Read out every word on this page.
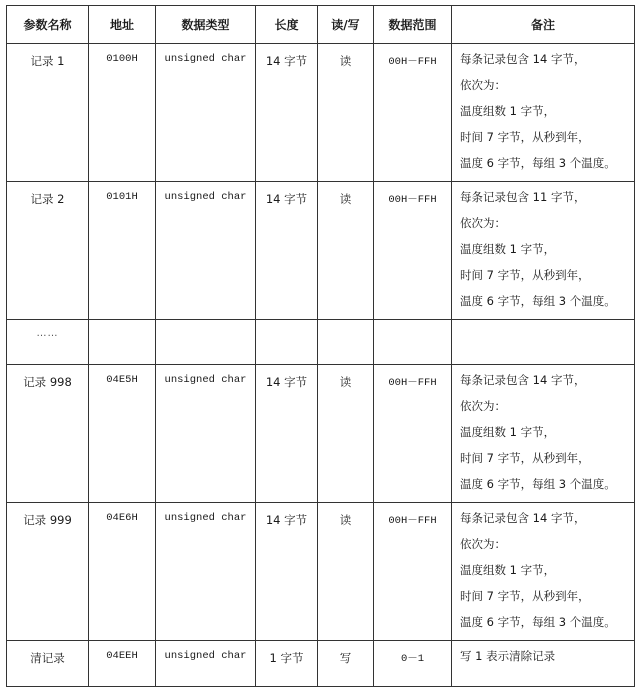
参数名称	地址	数据类型	长度	读/写	数据范围	备注
记录 1	0100H	unsigned char	14 字节	读	00H－FFH	每条记录包含 14 字节，
依次为：
温度组数 1 字节，
时间 7 字节，从秒到年，
温度 6 字节，每组 3 个温度。

记录 2	0101H	unsigned char	14 字节	读	00H－FFH	每条记录包含 11 字节，
依次为：
温度组数 1 字节，
时间 7 字节，从秒到年，
温度 6 字节，每组 3 个温度。

……						
记录 998	04E5H	unsigned char	14 字节	读	00H－FFH	每条记录包含 14 字节，
依次为：
温度组数 1 字节，
时间 7 字节，从秒到年，
温度 6 字节，每组 3 个温度。

记录 999	04E6H	unsigned char	14 字节	读	00H－FFH	每条记录包含 14 字节，
依次为：
温度组数 1 字节，
时间 7 字节，从秒到年，
温度 6 字节，每组 3 个温度。

清记录	04EEH	unsigned char	1 字节	写	0－1	写 1 表示清除记录
